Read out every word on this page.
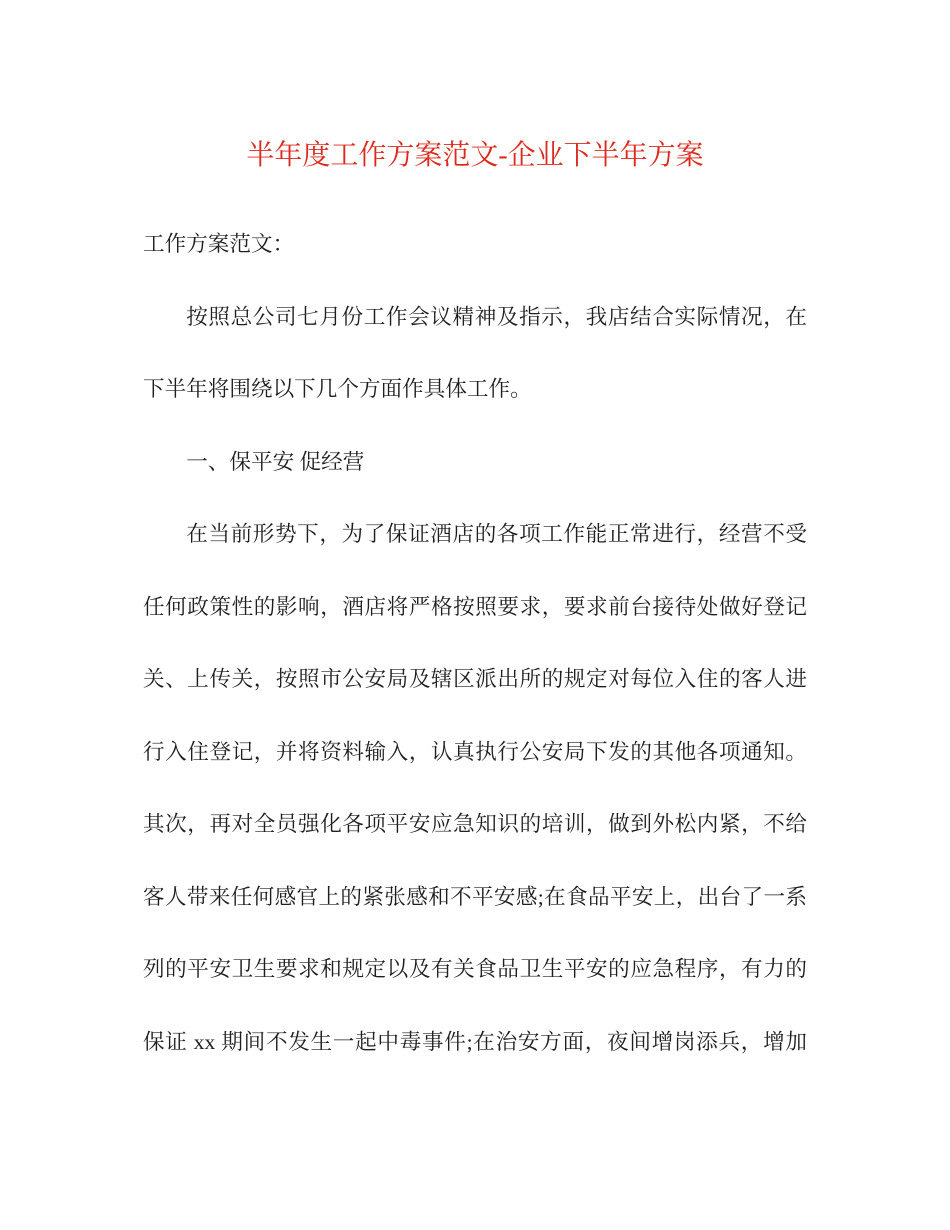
半年度工作方案范文-企业下半年方案
工作方案范文：
按照总公司七月份工作会议精神及指示，我店结合实际情况，在
下半年将围绕以下几个方面作具体工作。
一、保平安 促经营
在当前形势下，为了保证酒店的各项工作能正常进行，经营不受
任何政策性的影响，酒店将严格按照要求，要求前台接待处做好登记
关、上传关，按照市公安局及辖区派出所的规定对每位入住的客人进
行入住登记，并将资料输入，认真执行公安局下发的其他各项通知。
其次，再对全员强化各项平安应急知识的培训，做到外松内紧，不给
客人带来任何感官上的紧张感和不平安感;在食品平安上，出台了一系
列的平安卫生要求和规定以及有关食品卫生平安的应急程序，有力的
保证 xx 期间不发生一起中毒事件;在治安方面，夜间增岗添兵，增加
